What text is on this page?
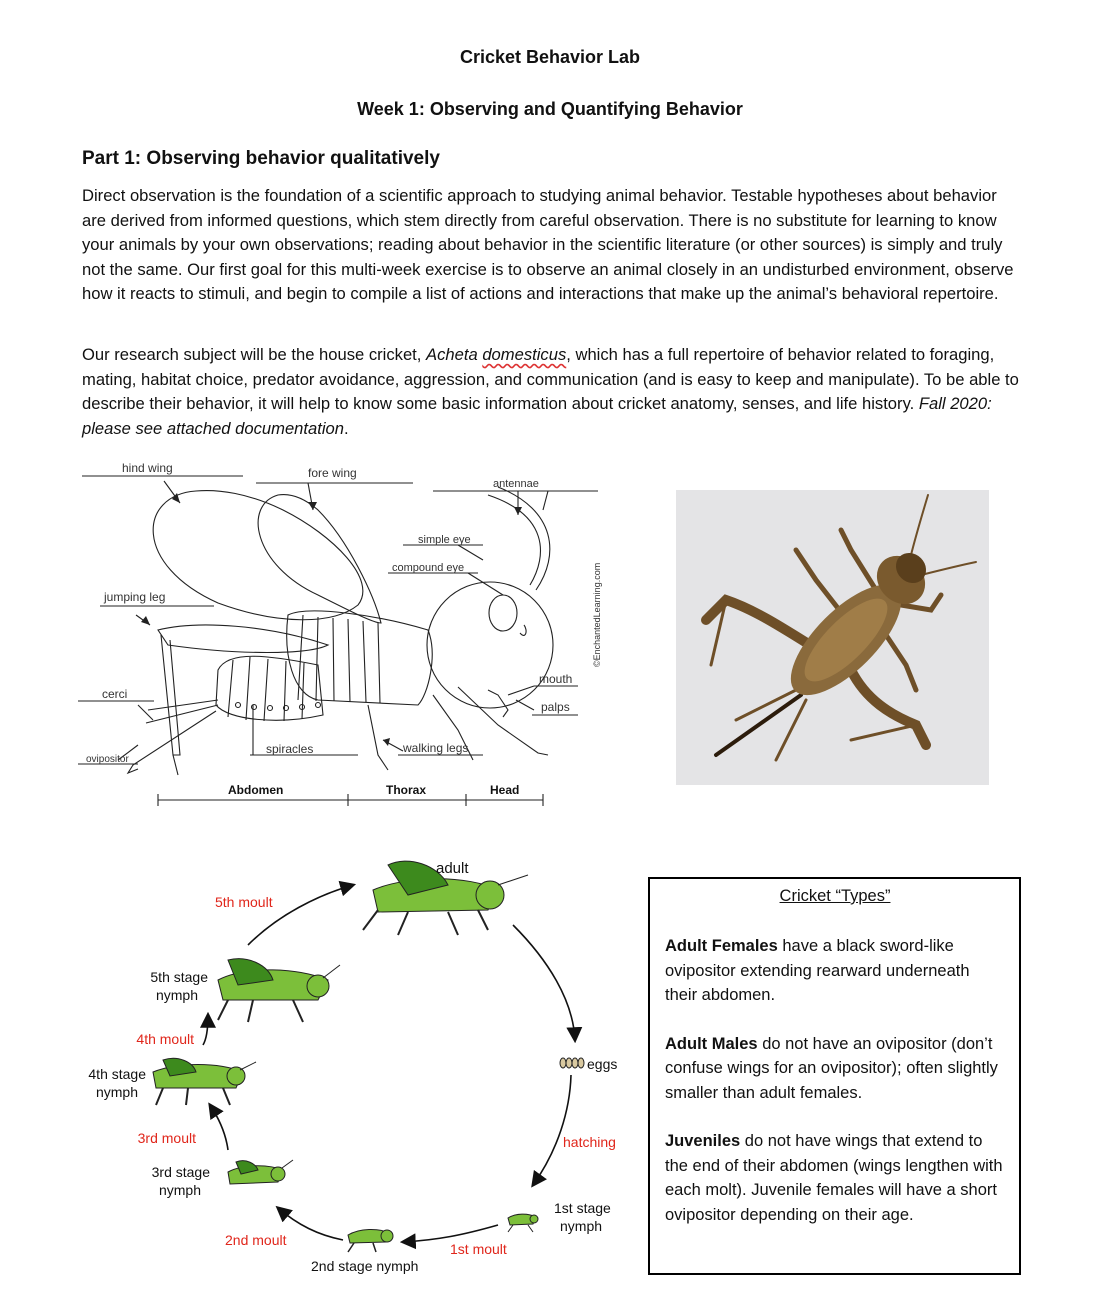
Cricket Behavior Lab
Week 1: Observing and Quantifying Behavior
Part 1: Observing behavior qualitatively
Direct observation is the foundation of a scientific approach to studying animal behavior. Testable hypotheses about behavior are derived from informed questions, which stem directly from careful observation. There is no substitute for learning to know your animals by your own observations; reading about behavior in the scientific literature (or other sources) is simply and truly not the same. Our first goal for this multi-week exercise is to observe an animal closely in an undisturbed environment, observe how it reacts to stimuli, and begin to compile a list of actions and interactions that make up the animal’s behavioral repertoire.
Our research subject will be the house cricket, Acheta domesticus, which has a full repertoire of behavior related to foraging, mating, habitat choice, predator avoidance, aggression, and communication (and is easy to keep and manipulate). To be able to describe their behavior, it will help to know some basic information about cricket anatomy, senses, and life history. Fall 2020: please see attached documentation.
hind wing	fore wing
antennae
simple eye
compound eye
jumping leg
cerci
ovipositor
mouth
palps
spiracles	walking legs
Abdomen	Thorax	Head
©EnchantedLearning.com
adult
5th moult
5th stage
nymph
4th moult
4th stage
nymph
3rd moult
3rd stage
nymph
2nd moult
2nd stage nymph
1st moult
1st stage
nymph
hatching
eggs
Cricket “Types”

Adult Females have a black sword-like ovipositor extending rearward underneath their abdomen.

Adult Males do not have an ovipositor (don’t confuse wings for an ovipositor); often slightly smaller than adult females.

Juveniles do not have wings that extend to the end of their abdomen (wings lengthen with each molt). Juvenile females will have a short ovipositor depending on their age.
